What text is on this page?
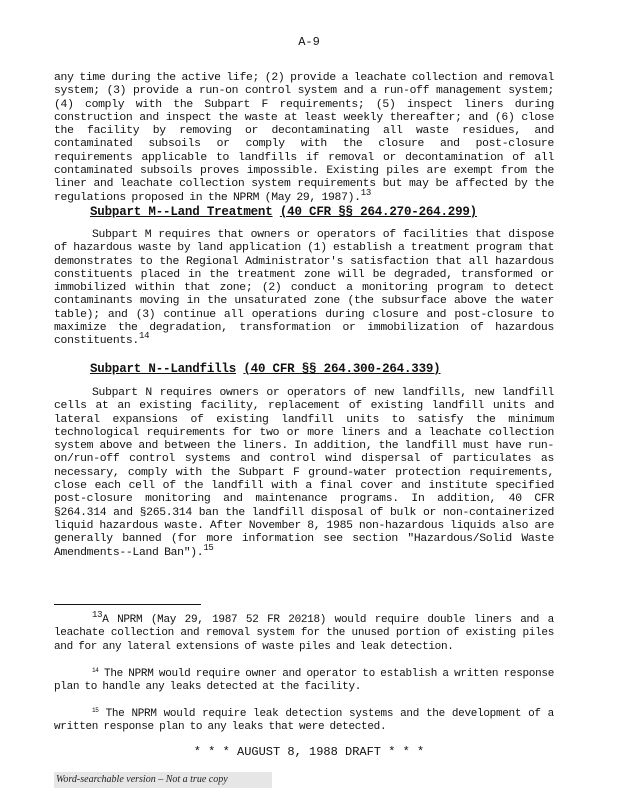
A-9
any time during the active life; (2) provide a leachate collection and removal system; (3) provide a run-on control system and a run-off management system; (4) comply with the Subpart F requirements; (5) inspect liners during construction and inspect the waste at least weekly thereafter; and (6) close the facility by removing or decontaminating all waste residues, and contaminated subsoils or comply with the closure and post-closure requirements applicable to landfills if removal or decontamination of all contaminated subsoils proves impossible. Existing piles are exempt from the liner and leachate collection system requirements but may be affected by the regulations proposed in the NPRM (May 29, 1987).$^{13}$
Subpart M--Land Treatment (40 CFR §§ 264.270-264.299)
Subpart M requires that owners or operators of facilities that dispose of hazardous waste by land application (1) establish a treatment program that demonstrates to the Regional Administrator's satisfaction that all hazardous constituents placed in the treatment zone will be degraded, transformed or immobilized within that zone; (2) conduct a monitoring program to detect contaminants moving in the unsaturated zone (the subsurface above the water table); and (3) continue all operations during closure and post-closure to maximize the degradation, transformation or immobilization of hazardous constituents.$^{14}$
Subpart N--Landfills (40 CFR §§ 264.300-264.339)
Subpart N requires owners or operators of new landfills, new landfill cells at an existing facility, replacement of existing landfill units and lateral expansions of existing landfill units to satisfy the minimum technological requirements for two or more liners and a leachate collection system above and between the liners. In addition, the landfill must have run-on/run-off control systems and control wind dispersal of particulates as necessary, comply with the Subpart F ground-water protection requirements, close each cell of the landfill with a final cover and institute specified post-closure monitoring and maintenance programs. In addition, 40 CFR §264.314 and §265.314 ban the landfill disposal of bulk or non-containerized liquid hazardous waste. After November 8, 1985 non-hazardous liquids also are generally banned (for more information see section "Hazardous/Solid Waste Amendments--Land Ban").$^{15}$
$^{13}$A NPRM (May 29, 1987 52 FR 20218) would require double liners and a leachate collection and removal system for the unused portion of existing piles and for any lateral extensions of waste piles and leak detection.
$^{14}$ The NPRM would require owner and operator to establish a written response plan to handle any leaks detected at the facility.
$^{15}$ The NPRM would require leak detection systems and the development of a written response plan to any leaks that were detected.
* * * AUGUST 8, 1988 DRAFT * * *
Word-searchable version – Not a true copy
